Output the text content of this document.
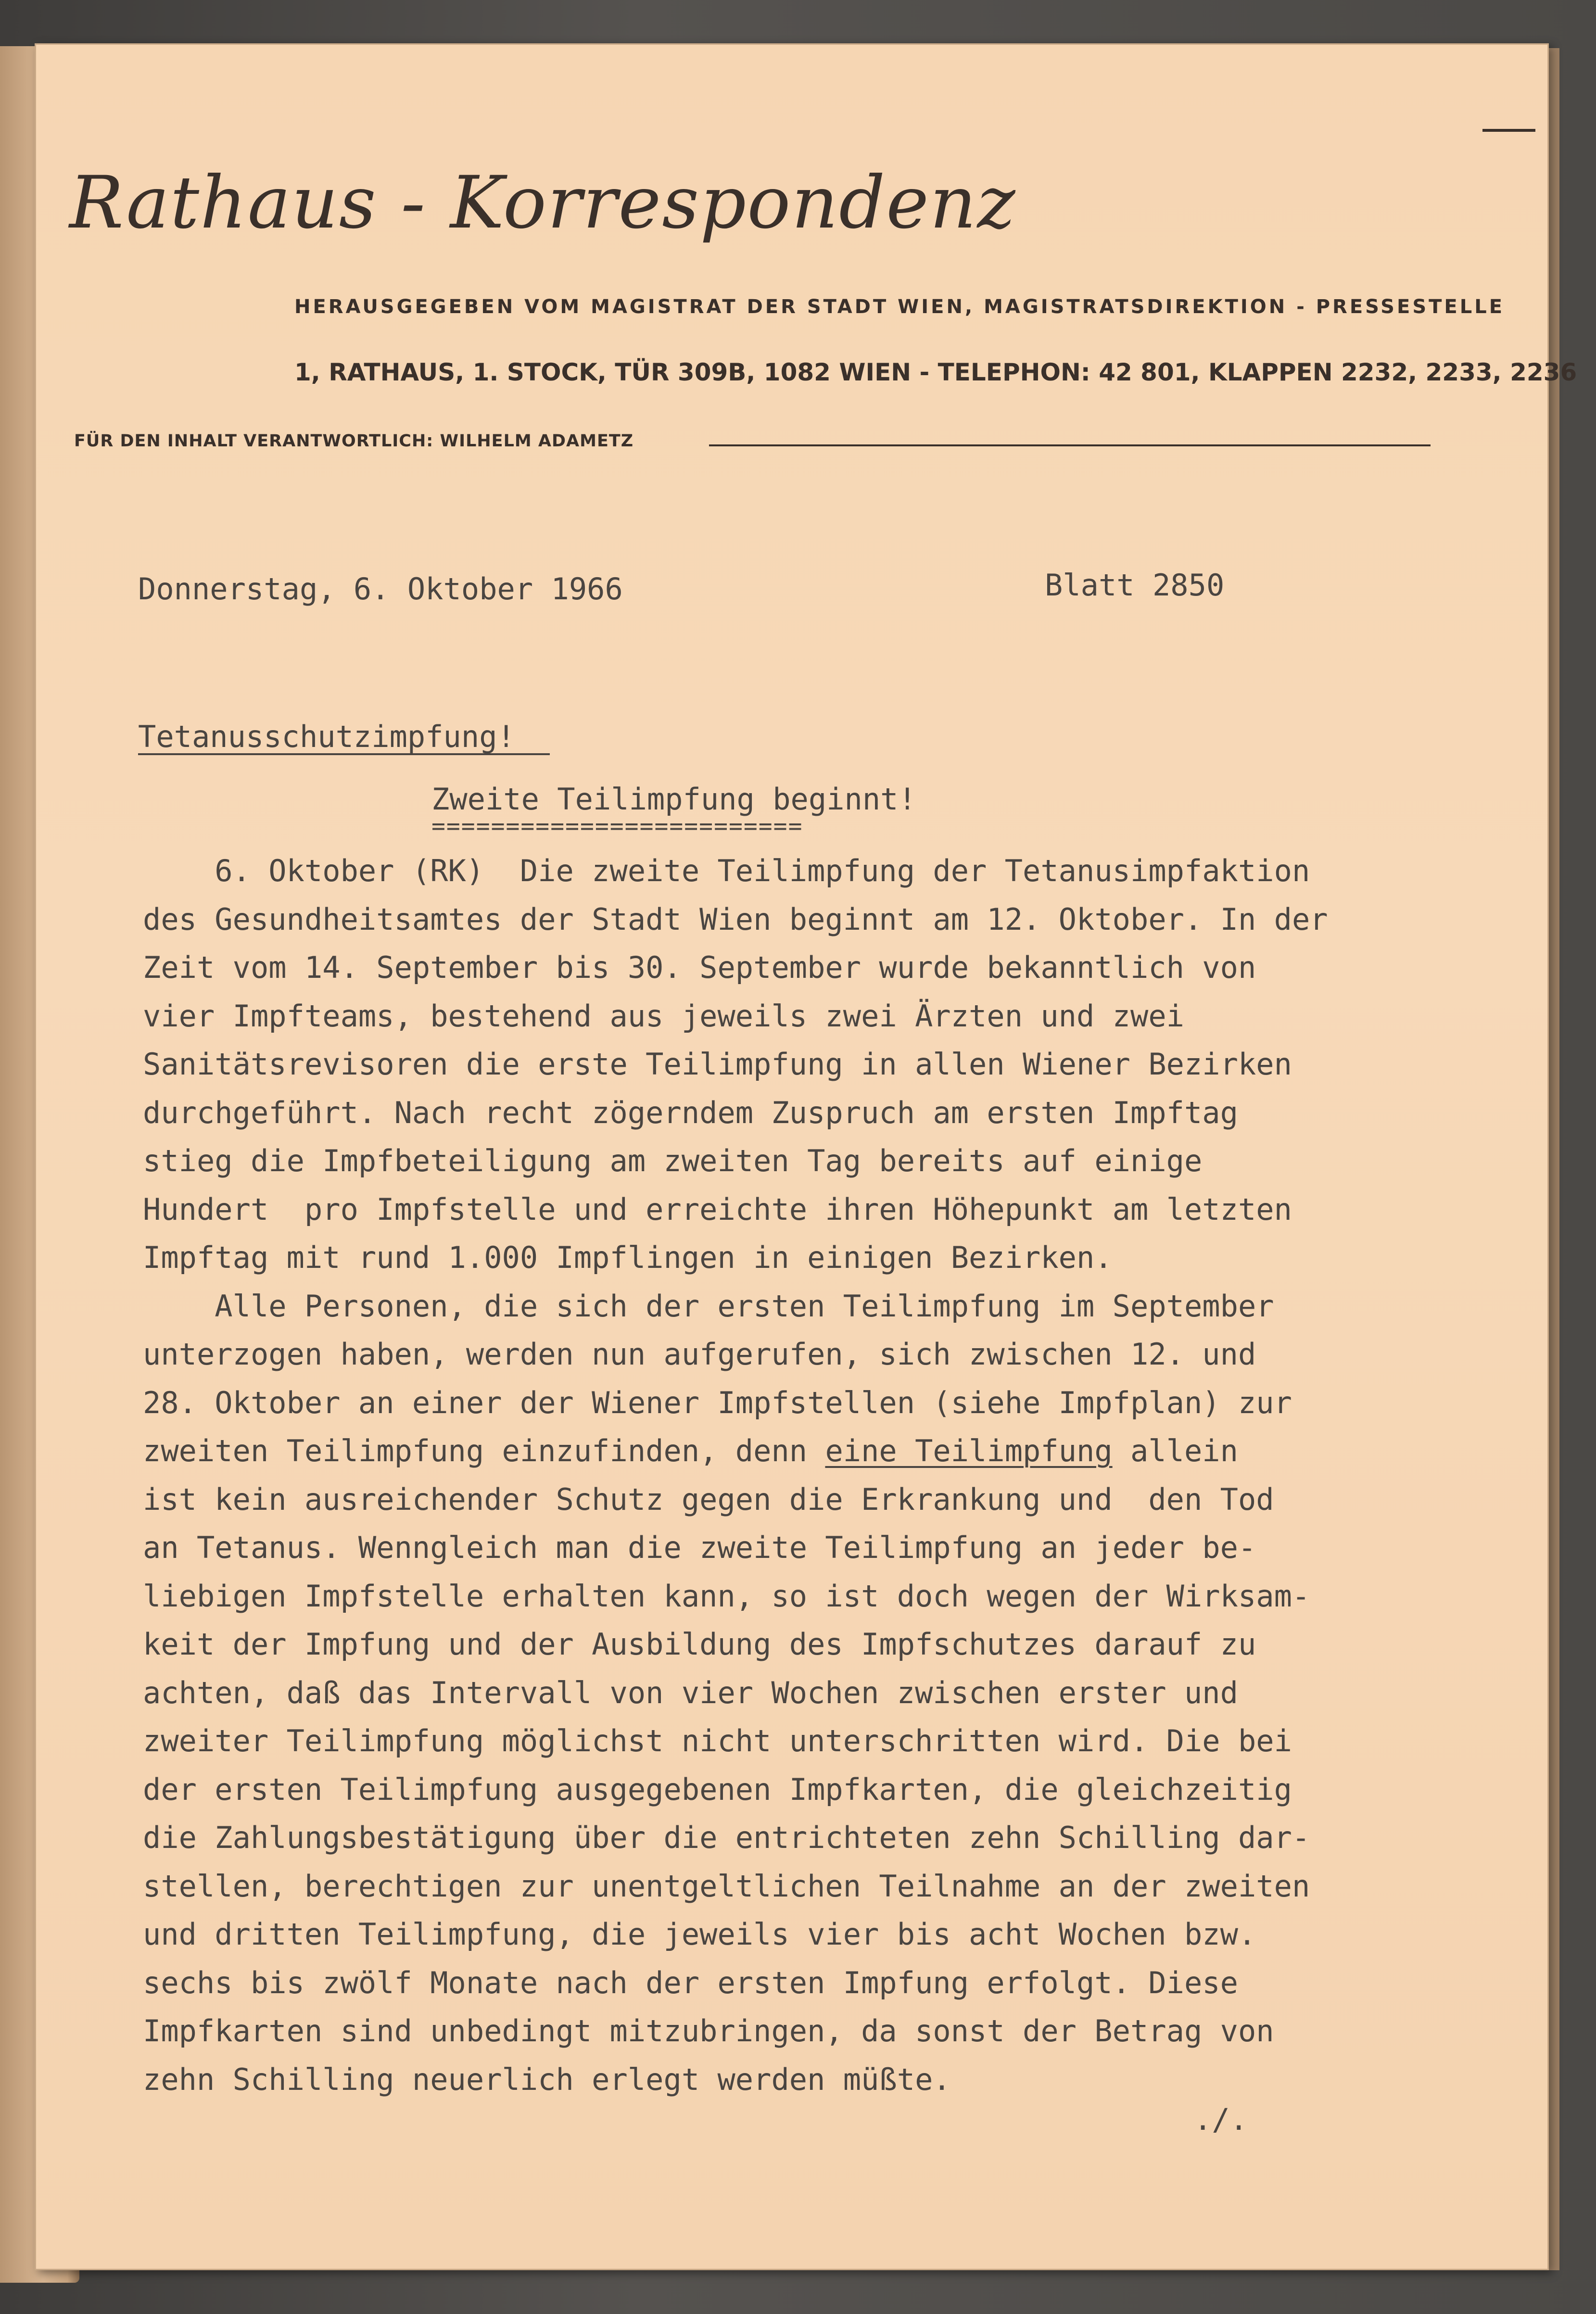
Rathaus - Korrespondenz
HERAUSGEGEBEN VOM MAGISTRAT DER STADT WIEN, MAGISTRATSDIREKTION - PRESSESTELLE
1, RATHAUS, 1. STOCK, TÜR 309B, 1082 WIEN - TELEPHON: 42 801, KLAPPEN 2232, 2233, 2236
FÜR DEN INHALT VERANTWORTLICH: WILHELM ADAMETZ
Donnerstag, 6. Oktober 1966	Blatt 2850
Tetanusschutzimpfung!
Zweite Teilimpfung beginnt!
=========================
6. Oktober (RK)  Die zweite Teilimpfung der Tetanusimpfaktion
des Gesundheitsamtes der Stadt Wien beginnt am 12. Oktober. In der
Zeit vom 14. September bis 30. September wurde bekanntlich von
vier Impfteams, bestehend aus jeweils zwei Ärzten und zwei
Sanitätsrevisoren die erste Teilimpfung in allen Wiener Bezirken
durchgeführt. Nach recht zögerndem Zuspruch am ersten Impftag
stieg die Impfbeteiligung am zweiten Tag bereits auf einige
Hundert  pro Impfstelle und erreichte ihren Höhepunkt am letzten
Impftag mit rund 1.000 Impflingen in einigen Bezirken.
Alle Personen, die sich der ersten Teilimpfung im September
unterzogen haben, werden nun aufgerufen, sich zwischen 12. und
28. Oktober an einer der Wiener Impfstellen (siehe Impfplan) zur
zweiten Teilimpfung einzufinden, denn eine Teilimpfung allein
ist kein ausreichender Schutz gegen die Erkrankung und  den Tod
an Tetanus. Wenngleich man die zweite Teilimpfung an jeder be-
liebigen Impfstelle erhalten kann, so ist doch wegen der Wirksam-
keit der Impfung und der Ausbildung des Impfschutzes darauf zu
achten, daß das Intervall von vier Wochen zwischen erster und
zweiter Teilimpfung möglichst nicht unterschritten wird. Die bei
der ersten Teilimpfung ausgegebenen Impfkarten, die gleichzeitig
die Zahlungsbestätigung über die entrichteten zehn Schilling dar-
stellen, berechtigen zur unentgeltlichen Teilnahme an der zweiten
und dritten Teilimpfung, die jeweils vier bis acht Wochen bzw.
sechs bis zwölf Monate nach der ersten Impfung erfolgt. Diese
Impfkarten sind unbedingt mitzubringen, da sonst der Betrag von
zehn Schilling neuerlich erlegt werden müßte.
./.
